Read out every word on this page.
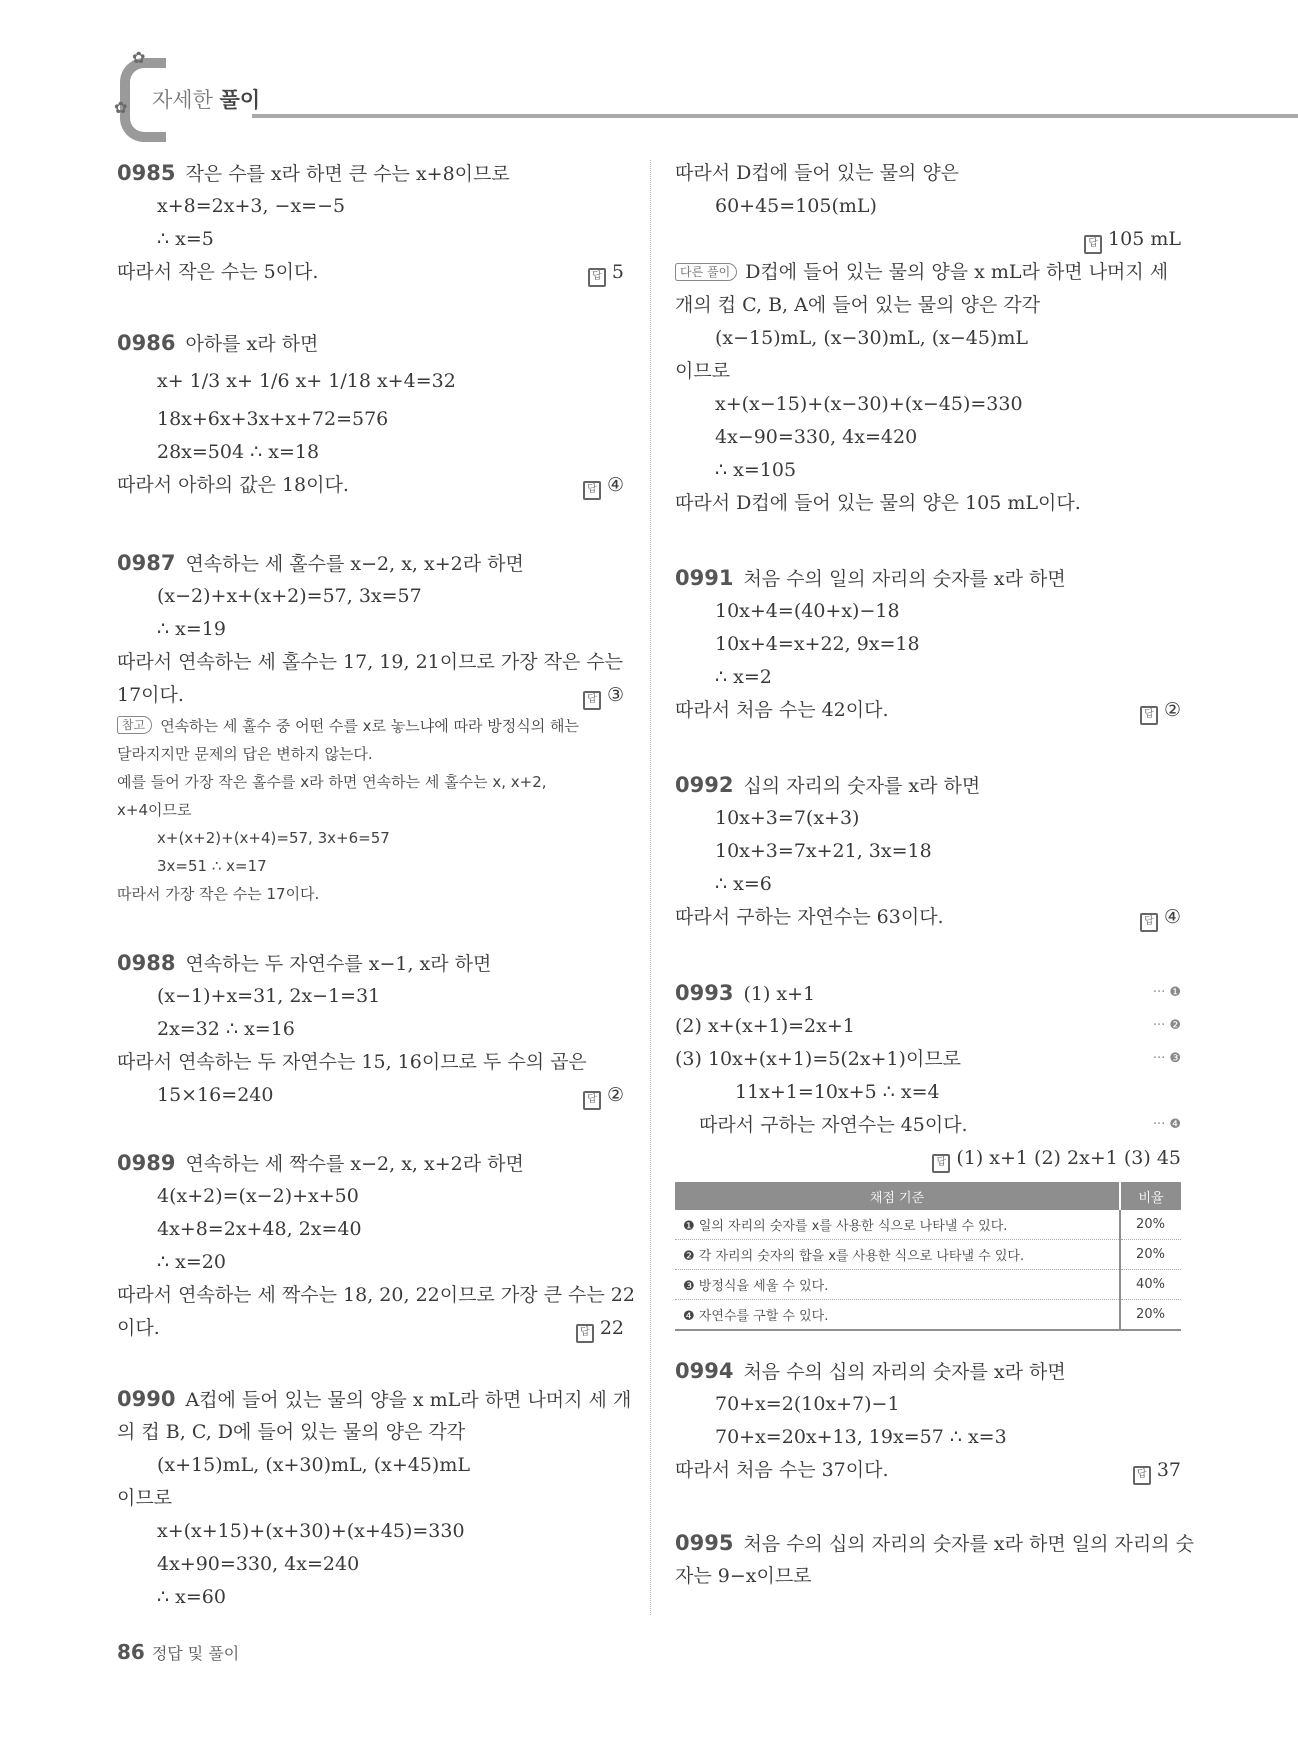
✿
✿ 자세한 풀이
0985 작은 수를 x라 하면 큰 수는 x+8이므로
x+8=2x+3, −x=−5
∴ x=5
따라서 작은 수는 5이다.	답 5
0986 아하를 x라 하면
x+ 1/3 x+ 1/6 x+ 1/18 x+4=32
18x+6x+3x+x+72=576
28x=504 ∴ x=18
따라서 아하의 값은 18이다.	답 ④
0987 연속하는 세 홀수를 x−2, x, x+2라 하면
(x−2)+x+(x+2)=57, 3x=57
∴ x=19
따라서 연속하는 세 홀수는 17, 19, 21이므로 가장 작은 수는
17이다.	답 ③
참고 연속하는 세 홀수 중 어떤 수를 x로 놓느냐에 따라 방정식의 해는
달라지지만 문제의 답은 변하지 않는다.
예를 들어 가장 작은 홀수를 x라 하면 연속하는 세 홀수는 x, x+2,
x+4이므로
x+(x+2)+(x+4)=57, 3x+6=57
3x=51 ∴ x=17
따라서 가장 작은 수는 17이다.
0988 연속하는 두 자연수를 x−1, x라 하면
(x−1)+x=31, 2x−1=31
2x=32 ∴ x=16
따라서 연속하는 두 자연수는 15, 16이므로 두 수의 곱은
15×16=240	답 ②
0989 연속하는 세 짝수를 x−2, x, x+2라 하면
4(x+2)=(x−2)+x+50
4x+8=2x+48, 2x=40
∴ x=20
따라서 연속하는 세 짝수는 18, 20, 22이므로 가장 큰 수는 22
이다.	답 22
0990 A컵에 들어 있는 물의 양을 x mL라 하면 나머지 세 개
의 컵 B, C, D에 들어 있는 물의 양은 각각
(x+15)mL, (x+30)mL, (x+45)mL
이므로
x+(x+15)+(x+30)+(x+45)=330
4x+90=330, 4x=240
∴ x=60
따라서 D컵에 들어 있는 물의 양은
60+45=105(mL)
답 105 mL
다른 풀이 D컵에 들어 있는 물의 양을 x mL라 하면 나머지 세
개의 컵 C, B, A에 들어 있는 물의 양은 각각
(x−15)mL, (x−30)mL, (x−45)mL
이므로
x+(x−15)+(x−30)+(x−45)=330
4x−90=330, 4x=420
∴ x=105
따라서 D컵에 들어 있는 물의 양은 105 mL이다.
0991 처음 수의 일의 자리의 숫자를 x라 하면
10x+4=(40+x)−18
10x+4=x+22, 9x=18
∴ x=2
따라서 처음 수는 42이다.	답 ②
0992 십의 자리의 숫자를 x라 하면
10x+3=7(x+3)
10x+3=7x+21, 3x=18
∴ x=6
따라서 구하는 자연수는 63이다.	답 ④
0993 (1) x+1	··· ❶
(2) x+(x+1)=2x+1	··· ❷
(3) 10x+(x+1)=5(2x+1)이므로	··· ❸
11x+1=10x+5 ∴ x=4
따라서 구하는 자연수는 45이다.	··· ❹
답 (1) x+1 (2) 2x+1 (3) 45
채점 기준	비율
❶ 일의 자리의 숫자를 x를 사용한 식으로 나타낼 수 있다.	20%
❷ 각 자리의 숫자의 합을 x를 사용한 식으로 나타낼 수 있다.	20%
❸ 방정식을 세울 수 있다.	40%
❹ 자연수를 구할 수 있다.	20%
0994 처음 수의 십의 자리의 숫자를 x라 하면
70+x=2(10x+7)−1
70+x=20x+13, 19x=57 ∴ x=3
따라서 처음 수는 37이다.	답 37
0995 처음 수의 십의 자리의 숫자를 x라 하면 일의 자리의 숫
자는 9−x이므로
86 정답 및 풀이
